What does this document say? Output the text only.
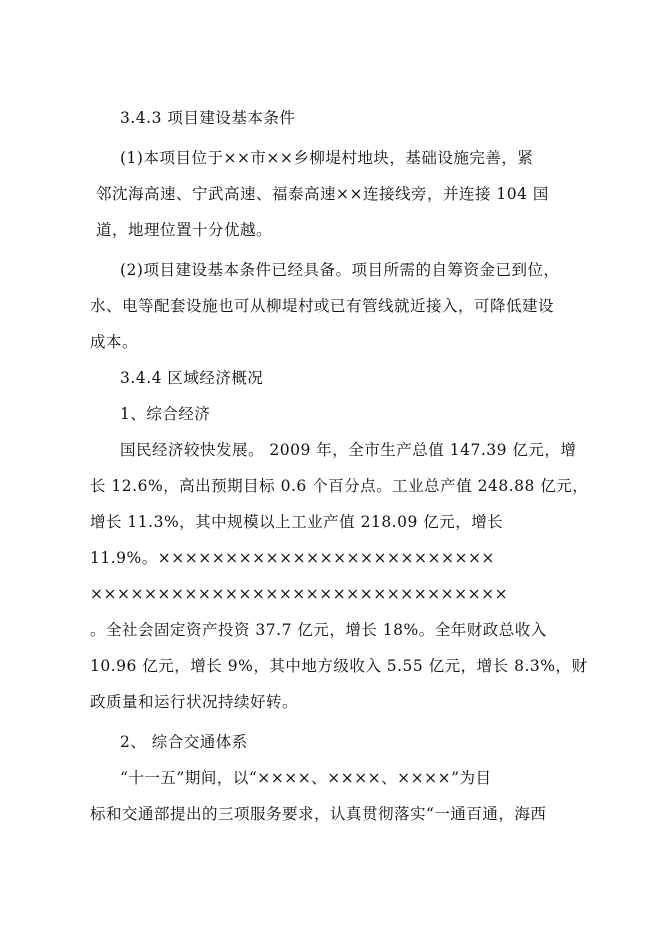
3.4.3 项目建设基本条件
(1)本项目位于××市××乡柳堤村地块，基础设施完善，紧
邻沈海高速、宁武高速、福泰高速××连接线旁，并连接 104 国
道，地理位置十分优越。
(2)项目建设基本条件已经具备。项目所需的自筹资金已到位，
水、电等配套设施也可从柳堤村或已有管线就近接入，可降低建设
成本。
3.4.4 区域经济概况
1、综合经济
国民经济较快发展。 2009 年，全市生产总值 147.39 亿元，增
长 12.6%，高出预期目标 0.6 个百分点。工业总产值 248.88 亿元，
增长 11.3%，其中规模以上工业产值 218.09 亿元，增长
11.9%。×××××××××××××××××××××××××
×××××××××××××××××××××××××××××××
。全社会固定资产投资 37.7 亿元，增长 18%。全年财政总收入
10.96 亿元，增长 9%，其中地方级收入 5.55 亿元，增长 8.3%，财
政质量和运行状况持续好转。
2、 综合交通体系
“十一五”期间，以“××××、××××、××××”为目
标和交通部提出的三项服务要求，认真贯彻落实“一通百通，海西
